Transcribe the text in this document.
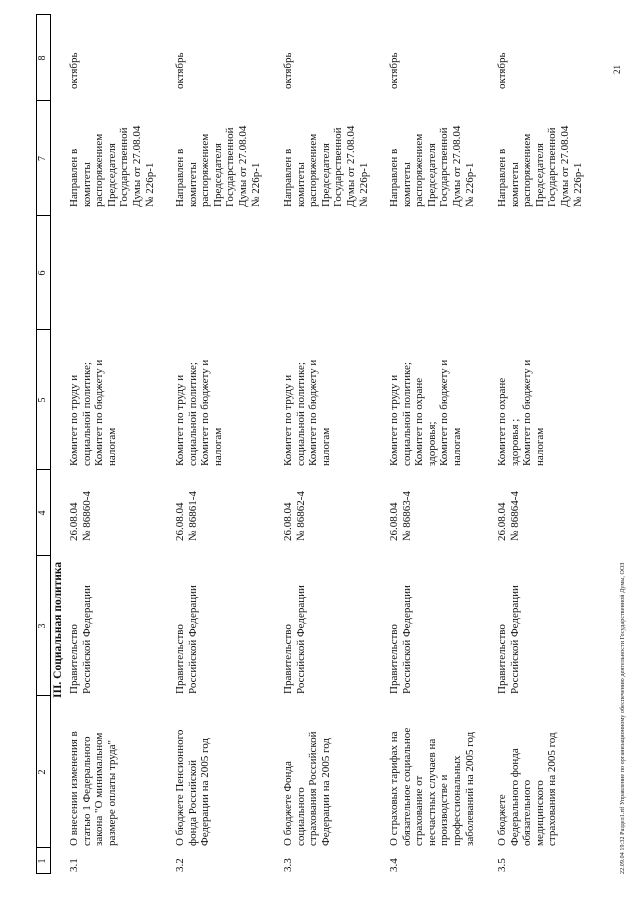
1
2
3
4
5
6
7
8
III. Социальная политика
3.1
О внесении изменения в
статью 1 Федерального
закона "О минимальном
размере оплаты труда"
Правительство
Российской Федерации
26.08.04
№ 86860-4
Комитет по труду и
социальной политике;
Комитет по бюджету и
налогам
Направлен в
комитеты
распоряжением
Председателя
Государственной
Думы от 27.08.04
№ 226р-1
октябрь
3.2
О бюджете Пенсионного
фонда Российской
Федерации на 2005 год
Правительство
Российской Федерации
26.08.04
№ 86861-4
Комитет по труду и
социальной политике;
Комитет по бюджету и
налогам
Направлен в
комитеты
распоряжением
Председателя
Государственной
Думы от 27.08.04
№ 226р-1
октябрь
3.3
О бюджете Фонда
социального
страхования Российской
Федерации на 2005 год
Правительство
Российской Федерации
26.08.04
№ 86862-4
Комитет по труду и
социальной политике;
Комитет по бюджету и
налогам
Направлен в
комитеты
распоряжением
Председателя
Государственной
Думы от 27.08.04
№ 226р-1
октябрь
3.4
О страховых тарифах на
обязательное социальное
страхование от
несчастных случаев на
производстве и
профессиональных
заболеваний на 2005 год
Правительство
Российской Федерации
26.08.04
№ 86863-4
Комитет по труду и
социальной политике;
Комитет по охране
здоровья;
Комитет по бюджету и
налогам
Направлен в
комитеты
распоряжением
Председателя
Государственной
Думы от 27.08.04
№ 226р-1
октябрь
3.5
О бюджете
Федерального фонда
обязательного
медицинского
страхования на 2005 год
Правительство
Российской Федерации
26.08.04
№ 86864-4
Комитет по охране
здоровья ;
Комитет по бюджету и
налогам
Направлен в
комитеты
распоряжением
Председателя
Государственной
Думы от 27.08.04
№ 226р-1
октябрь
22.09.04 19:32 Раздел1.rtf Управление по организационному обеспечению деятельности Государственной Думы, ООЗ
21
